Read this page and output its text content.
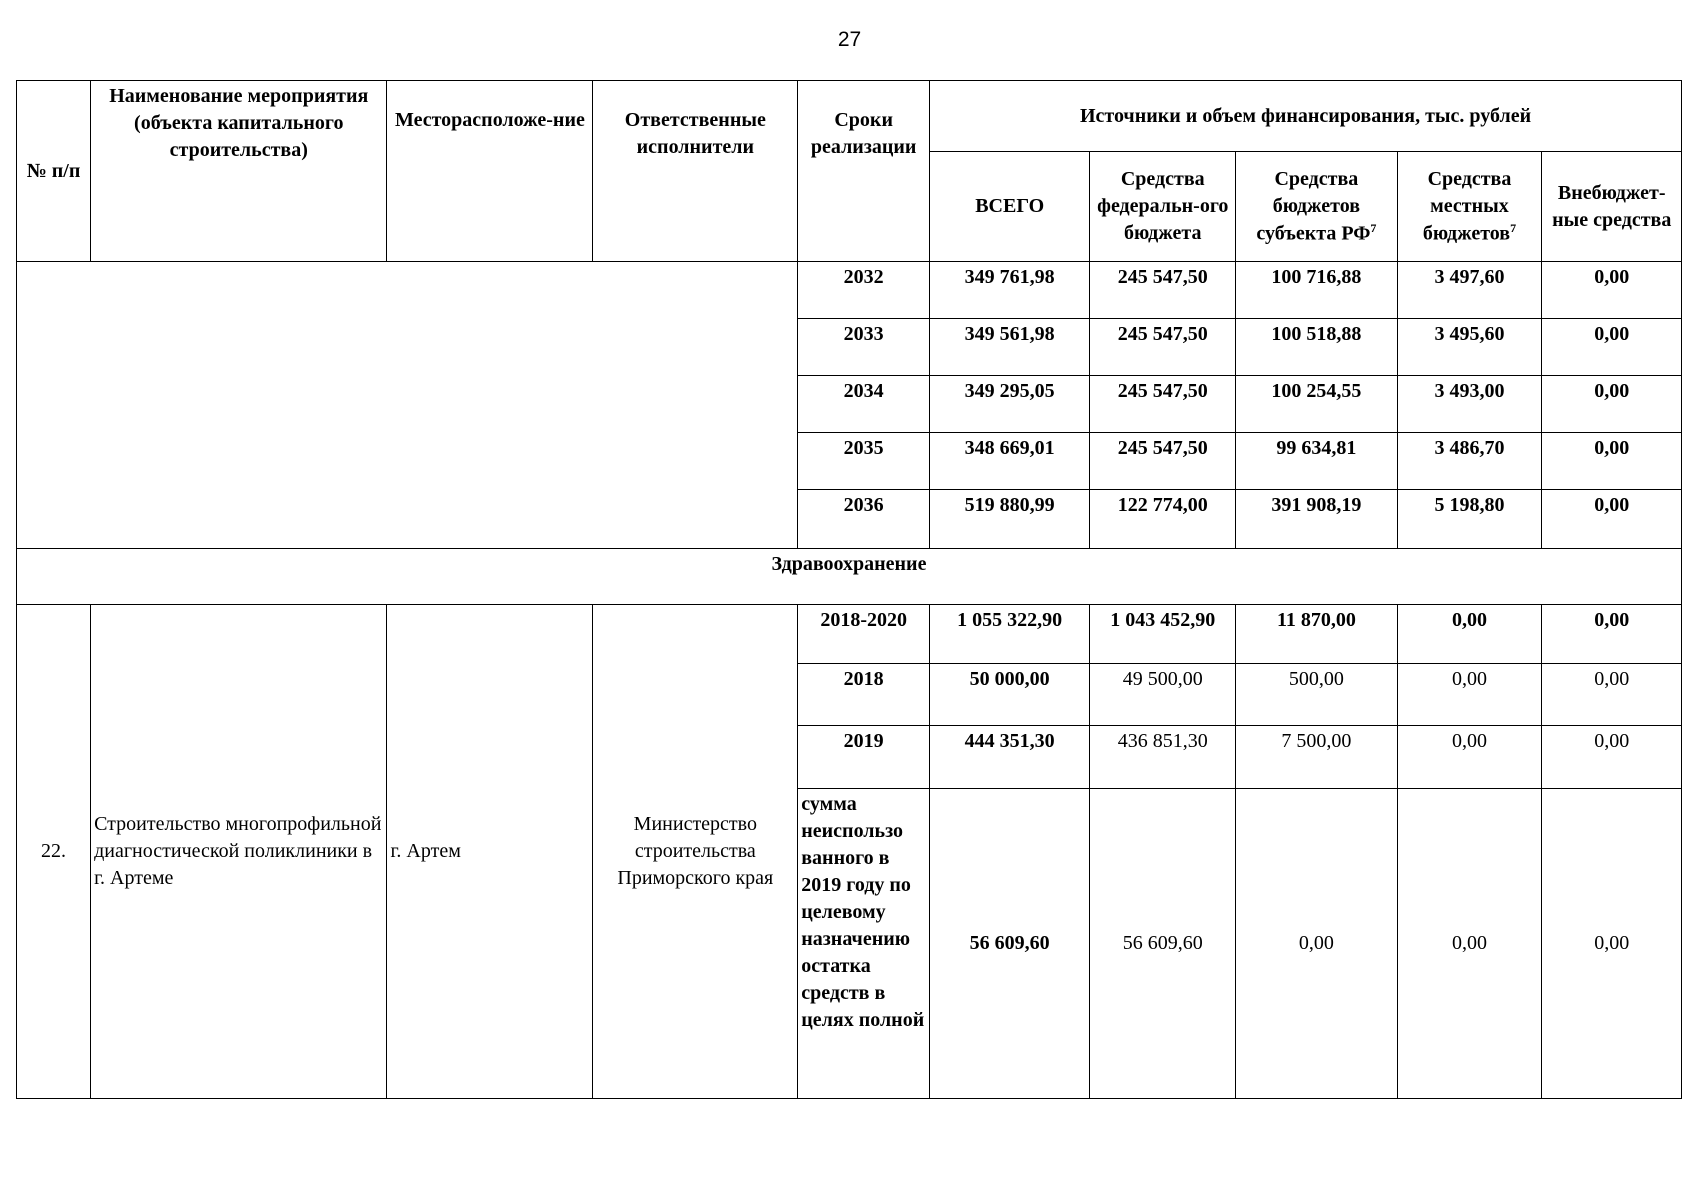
27
№ п/п	Наименование мероприятия (объекта капитального строительства)	Месторасположе-ние	Ответственные исполнители	Сроки реализации	Источники и объем финансирования, тыс. рублей				
					ВСЕГО	Средства федеральн-ого бюджета	Средства бюджетов субъекта $РФ^7$	Средства местных бюджетов$^7$	Внебюджет-ные средства
				2032	349 761,98	245 547,50	100 716,88	3 497,60	0,00
				2033	349 561,98	245 547,50	100 518,88	3 495,60	0,00
				2034	349 295,05	245 547,50	100 254,55	3 493,00	0,00
				2035	348 669,01	245 547,50	99 634,81	3 486,70	0,00
				2036	519 880,99	122 774,00	391 908,19	5 198,80	0,00
Здравоохранение									
22.	Строительство многопрофильной диагностической поликлиники в г. Артеме	г. Артем	Министерство строительства Приморского края	2018-2020	1 055 322,90	1 043 452,90	11 870,00	0,00	0,00
				2018	50 000,00	49 500,00	500,00	0,00	0,00
				2019	444 351,30	436 851,30	7 500,00	0,00	0,00
				сумма неиспользо ванного в 2019 году по целевому назначению остатка средств в целях полной	56 609,60	56 609,60	0,00	0,00	0,00
